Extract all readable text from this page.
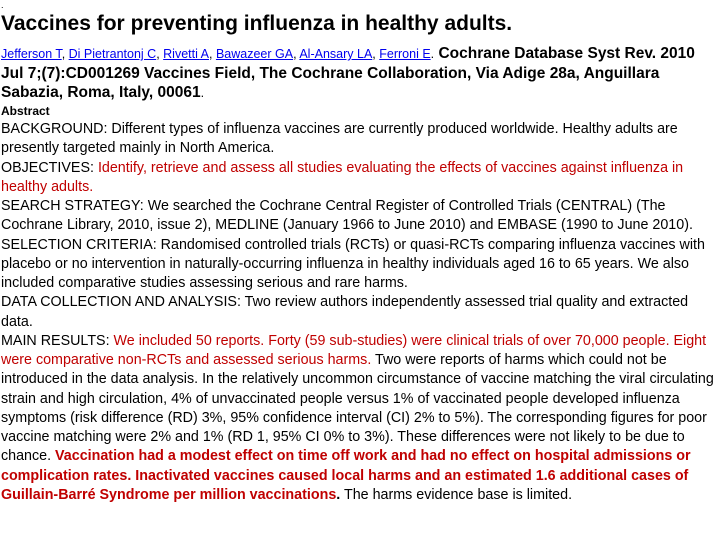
.

Vaccines for preventing influenza in healthy adults.

Jefferson T, Di Pietrantonj C, Rivetti A, Bawazeer GA, Al-Ansary LA, Ferroni E. Cochrane Database Syst Rev. 2010 Jul 7;(7):CD001269 Vaccines Field, The Cochrane Collaboration, Via Adige 28a, Anguillara Sabazia, Roma, Italy, 00061.

Abstract

BACKGROUND: Different types of influenza vaccines are currently produced worldwide. Healthy adults are presently targeted mainly in North America.

OBJECTIVES: Identify, retrieve and assess all studies evaluating the effects of vaccines against influenza in healthy adults.

SEARCH STRATEGY: We searched the Cochrane Central Register of Controlled Trials (CENTRAL) (The Cochrane Library, 2010, issue 2), MEDLINE (January 1966 to June 2010) and EMBASE (1990 to June 2010).

SELECTION CRITERIA: Randomised controlled trials (RCTs) or quasi-RCTs comparing influenza vaccines with placebo or no intervention in naturally-occurring influenza in healthy individuals aged 16 to 65 years. We also included comparative studies assessing serious and rare harms.

DATA COLLECTION AND ANALYSIS: Two review authors independently assessed trial quality and extracted data.

MAIN RESULTS: We included 50 reports. Forty (59 sub-studies) were clinical trials of over 70,000 people. Eight were comparative non-RCTs and assessed serious harms. Two were reports of harms which could not be introduced in the data analysis. In the relatively uncommon circumstance of vaccine matching the viral circulating strain and high circulation, 4% of unvaccinated people versus 1% of vaccinated people developed influenza symptoms (risk difference (RD) 3%, 95% confidence interval (CI) 2% to 5%). The corresponding figures for poor vaccine matching were 2% and 1% (RD 1, 95% CI 0% to 3%). These differences were not likely to be due to chance. Vaccination had a modest effect on time off work and had no effect on hospital admissions or complication rates. Inactivated vaccines caused local harms and an estimated 1.6 additional cases of Guillain-Barré Syndrome per million vaccinations. The harms evidence base is limited.
